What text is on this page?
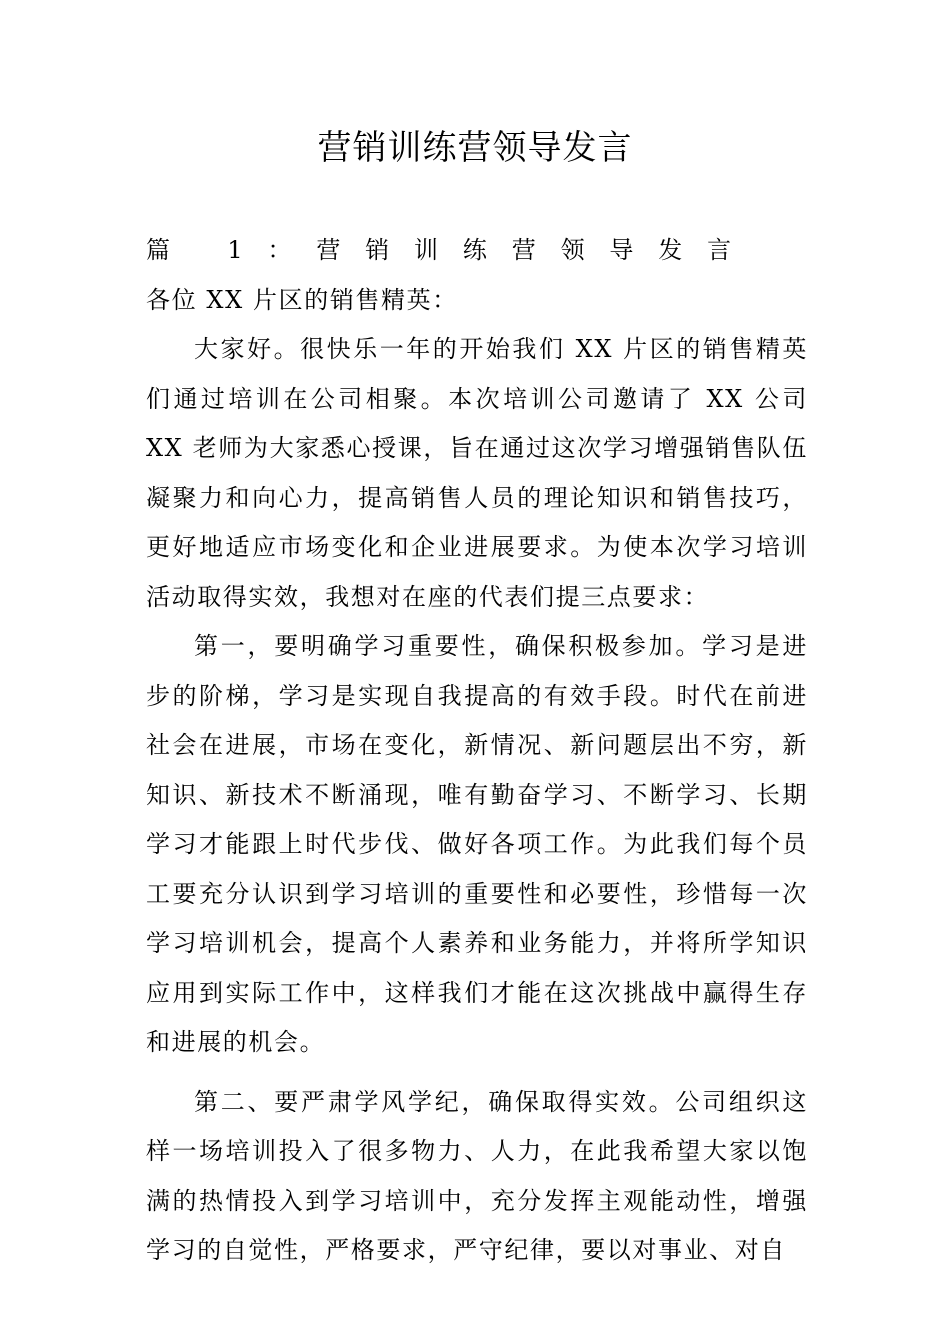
营销训练营领导发言

篇 1：营销训练营领导发言各位 XX 片区的销售精英：

大家好。很快乐一年的开始我们 XX 片区的销售精英们通过培训在公司相聚。本次培训公司邀请了 XX 公司 XX 老师为大家悉心授课，旨在通过这次学习增强销售队伍凝聚力和向心力，提高销售人员的理论知识和销售技巧，更好地适应市场变化和企业进展要求。为使本次学习培训活动取得实效，我想对在座的代表们提三点要求：

第一，要明确学习重要性，确保积极参加。学习是进步的阶梯，学习是实现自我提高的有效手段。时代在前进社会在进展，市场在变化，新情况、新问题层出不穷，新知识、新技术不断涌现，唯有勤奋学习、不断学习、长期学习才能跟上时代步伐、做好各项工作。为此我们每个员工要充分认识到学习培训的重要性和必要性，珍惜每一次学习培训机会，提高个人素养和业务能力，并将所学知识应用到实际工作中，这样我们才能在这次挑战中赢得生存和进展的机会。

第二、要严肃学风学纪，确保取得实效。公司组织这样一场培训投入了很多物力、人力，在此我希望大家以饱满的热情投入到学习培训中，充分发挥主观能动性，增强学习的自觉性，严格要求，严守纪律，要以对事业、对自
